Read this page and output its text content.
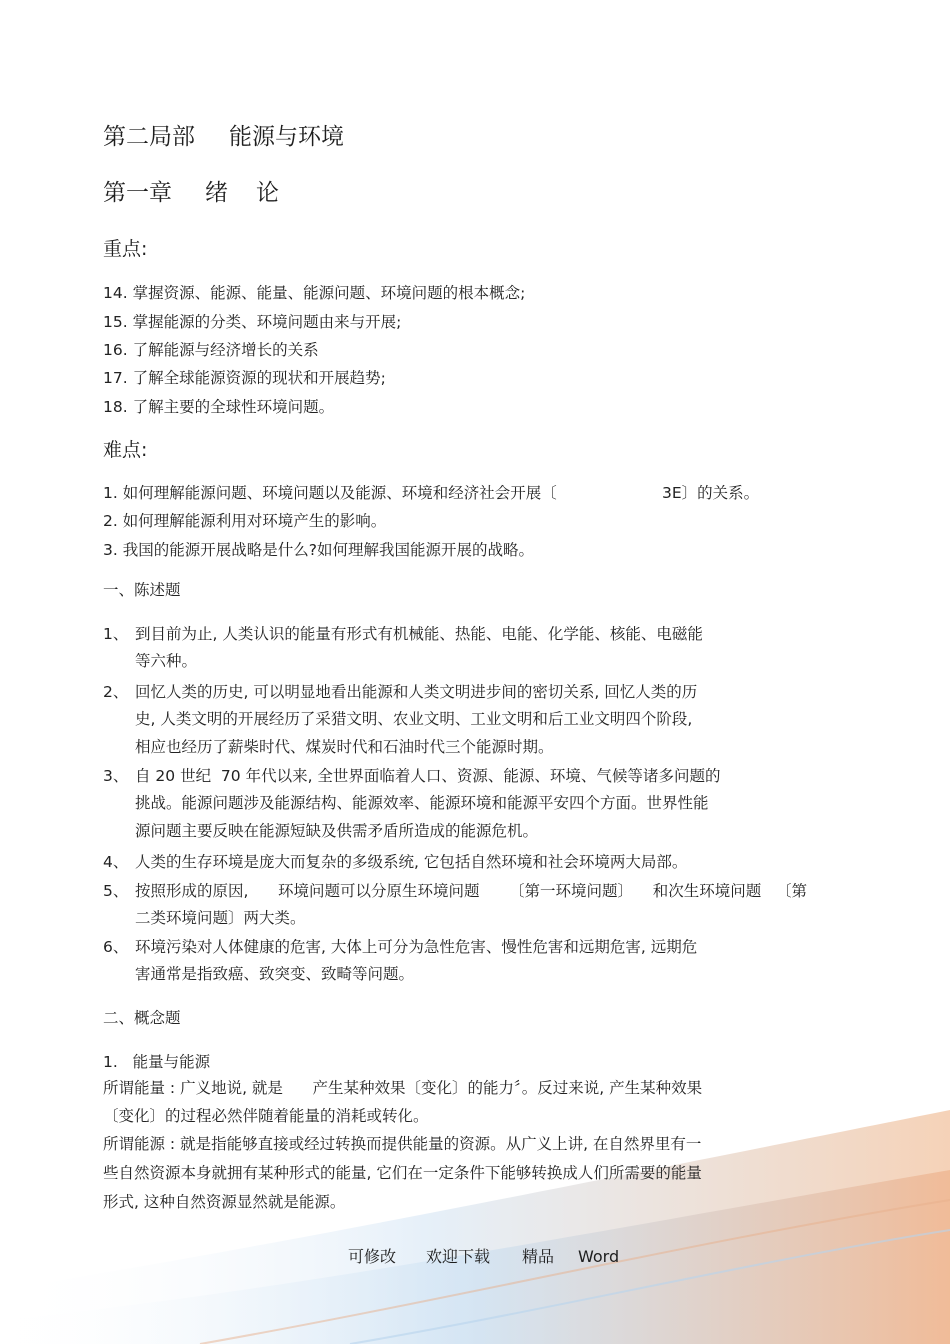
第二局部 能源与环境
第一章 绪 论
重点:
14. 掌握资源、能源、能量、能源问题、环境问题的根本概念;
15. 掌握能源的分类、环境问题由来与开展;
16. 了解能源与经济增长的关系
17. 了解全球能源资源的现状和开展趋势;
18. 了解主要的全球性环境问题。
难点:
1. 如何理解能源问题、环境问题以及能源、环境和经济社会开展〔	3E〕的关系。
2. 如何理解能源利用对环境产生的影响。
3. 我国的能源开展战略是什么?如何理解我国能源开展的战略。
一、陈述题
1、 到目前为止, 人类认识的能量有形式有机械能、热能、电能、化学能、核能、电磁能
等六种。
2、 回忆人类的历史, 可以明显地看出能源和人类文明进步间的密切关系, 回忆人类的历
史, 人类文明的开展经历了采猎文明、农业文明、工业文明和后工业文明四个阶段,
相应也经历了薪柴时代、煤炭时代和石油时代三个能源时期。
3、 自 20 世纪  70 年代以来, 全世界面临着人口、资源、能源、环境、气候等诸多问题的
挑战。能源问题涉及能源结构、能源效率、能源环境和能源平安四个方面。世界性能
源问题主要反映在能源短缺及供需矛盾所造成的能源危机。
4、 人类的生存环境是庞大而复杂的多级系统, 它包括自然环境和社会环境两大局部。
5、 按照形成的原因,      环境问题可以分原生环境问题      〔第一环境问题〕    和次生环境问题   〔第
二类环境问题〕两大类。
6、 环境污染对人体健康的危害, 大体上可分为急性危害、慢性危害和远期危害, 远期危
害通常是指致癌、致突变、致畸等问题。
二、概念题
1.   能量与能源
所谓能量 : 广义地说, 就是      产生某种效果〔变化〕的能力〞。反过来说, 产生某种效果
〔变化〕的过程必然伴随着能量的消耗或转化。
所谓能源 : 就是指能够直接或经过转换而提供能量的资源。从广义上讲, 在自然界里有一
些自然资源本身就拥有某种形式的能量, 它们在一定条件下能够转换成人们所需要的能量
形式, 这种自然资源显然就是能源。
可修改 欢迎下载 精品 Word
